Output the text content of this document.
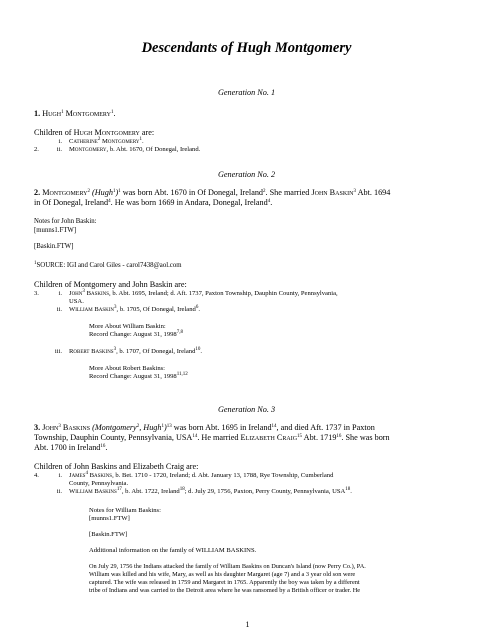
Descendants of Hugh Montgomery

Generation No. 1

1. Hugh$^1$ Montgomery$^1$.

Children of Hugh Montgomery are:

i.	Catherine$^2$ Montgomery$^1$.
2.	ii.	Montgomery, b. Abt. 1670, Of Donegal, Ireland.

Generation No. 2

2. Montgomery$^2$ (Hugh$^1$)$^1$ was born Abt. 1670 in Of Donegal, Ireland$^2$. She married John Baskin$^3$ Abt. 1694
in Of Donegal, Ireland$^4$. He was born 1669 in Andara, Donegal, Ireland$^4$.

Notes for John Baskin:
[munns1.FTW]

[Baskin.FTW]

$^1$SOURCE: IGI and Carol Giles - carol7438@aol.com

Children of Montgomery and John Baskin are:

3.	i.	John$^3$ Baskins, b. Abt. 1695, Ireland; d. Aft. 1737, Paxton Township, Dauphin County, Pennsylvania,
USA.
ii.	William Baskin$^3$, b. 1705, Of Donegal, Ireland$^6$.

More About William Baskin:
Record Change: August 31, 1998$^{7,8}$

iii.	Robert Baskins$^3$, b. 1707, Of Donegal, Ireland$^{10}$.

More About Robert Baskins:
Record Change: August 31, 1998$^{11,12}$

Generation No. 3

3. John$^3$ Baskins (Montgomery$^2$, Hugh$^1$)$^{13}$ was born Abt. 1695 in Ireland$^{14}$, and died Aft. 1737 in Paxton
Township, Dauphin County, Pennsylvania, USA$^{14}$. He married Elizabeth Craig$^{15}$ Abt. 1719$^{16}$. She was born
Abt. 1700 in Ireland$^{16}$.

Children of John Baskins and Elizabeth Craig are:

4.	i.	James$^4$ Baskins, b. Bet. 1710 - 1720, Ireland; d. Abt. January 13, 1788, Rye Township, Cumberland
County, Pennsylvania.
ii.	William Baskins$^{17}$, b. Abt. 1722, Ireland$^{18}$; d. July 29, 1756, Paxton, Perry County, Pennsylvania, USA$^{18}$.

Notes for William Baskins:
[munns1.FTW]

[Baskin.FTW]

Additional information on the family of WILLIAM BASKINS.

On July 29, 1756 the Indians attacked the family of William Baskins on Duncan's Island (now Perry Co.), PA.
William was killed and his wife, Mary, as well as his daughter Margaret (age 7) and a 3 year old son were
captured. The wife was released in 1759 and Margaret in 1765. Apparently the boy was taken by a different
tribe of Indians and was carried to the Detroit area where he was ransomed by a British officer or trader. He

1
